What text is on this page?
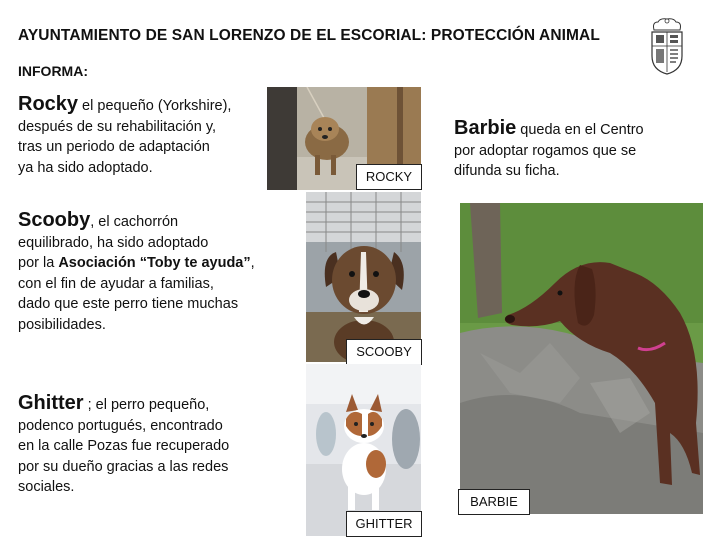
AYUNTAMIENTO DE SAN LORENZO DE EL ESCORIAL: PROTECCIÓN ANIMAL
INFORMA:
Rocky el pequeño (Yorkshire),
después de su rehabilitación y,
tras un periodo de adaptación
ya ha sido adoptado.
Scooby, el cachorrón
equilibrado, ha sido adoptado
por la Asociación “Toby te ayuda”,
con el fin de ayudar a familias,
dado que este perro tiene muchas
posibilidades.
Ghitter ; el perro pequeño,
podenco portugués, encontrado
en la calle Pozas fue recuperado
por su dueño gracias a las redes
sociales.
Barbie queda en el Centro
por adoptar rogamos que se
difunda su ficha.
ROCKY
SCOOBY
GHITTER
BARBIE
